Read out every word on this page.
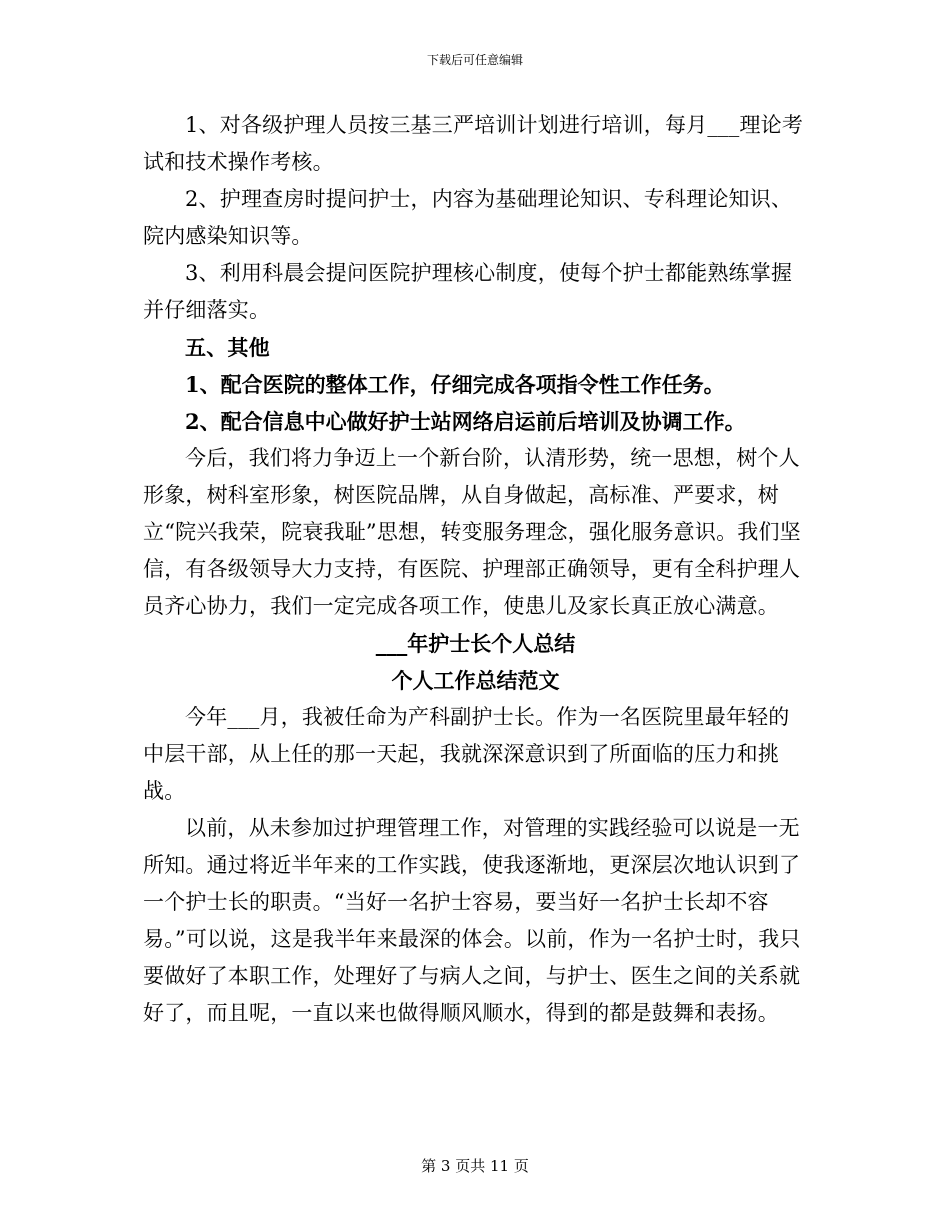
下载后可任意编辑

1、对各级护理人员按三基三严培训计划进行培训，每月___理论考试和技术操作考核。

2、护理查房时提问护士，内容为基础理论知识、专科理论知识、院内感染知识等。

3、利用科晨会提问医院护理核心制度，使每个护士都能熟练掌握并仔细落实。

五、其他

1、配合医院的整体工作，仔细完成各项指令性工作任务。

2、配合信息中心做好护士站网络启运前后培训及协调工作。

今后，我们将力争迈上一个新台阶，认清形势，统一思想，树个人形象，树科室形象，树医院品牌，从自身做起，高标准、严要求，树立“院兴我荣，院衰我耻”思想，转变服务理念，强化服务意识。我们坚信，有各级领导大力支持，有医院、护理部正确领导，更有全科护理人员齐心协力，我们一定完成各项工作，使患儿及家长真正放心满意。

___年护士长个人总结

个人工作总结范文

今年___月，我被任命为产科副护士长。作为一名医院里最年轻的中层干部，从上任的那一天起，我就深深意识到了所面临的压力和挑战。

以前，从未参加过护理管理工作，对管理的实践经验可以说是一无所知。通过将近半年来的工作实践，使我逐渐地，更深层次地认识到了一个护士长的职责。“当好一名护士容易，要当好一名护士长却不容易。”可以说，这是我半年来最深的体会。以前，作为一名护士时，我只要做好了本职工作，处理好了与病人之间，与护士、医生之间的关系就好了，而且呢，一直以来也做得顺风顺水，得到的都是鼓舞和表扬。

第 3 页共 11 页
